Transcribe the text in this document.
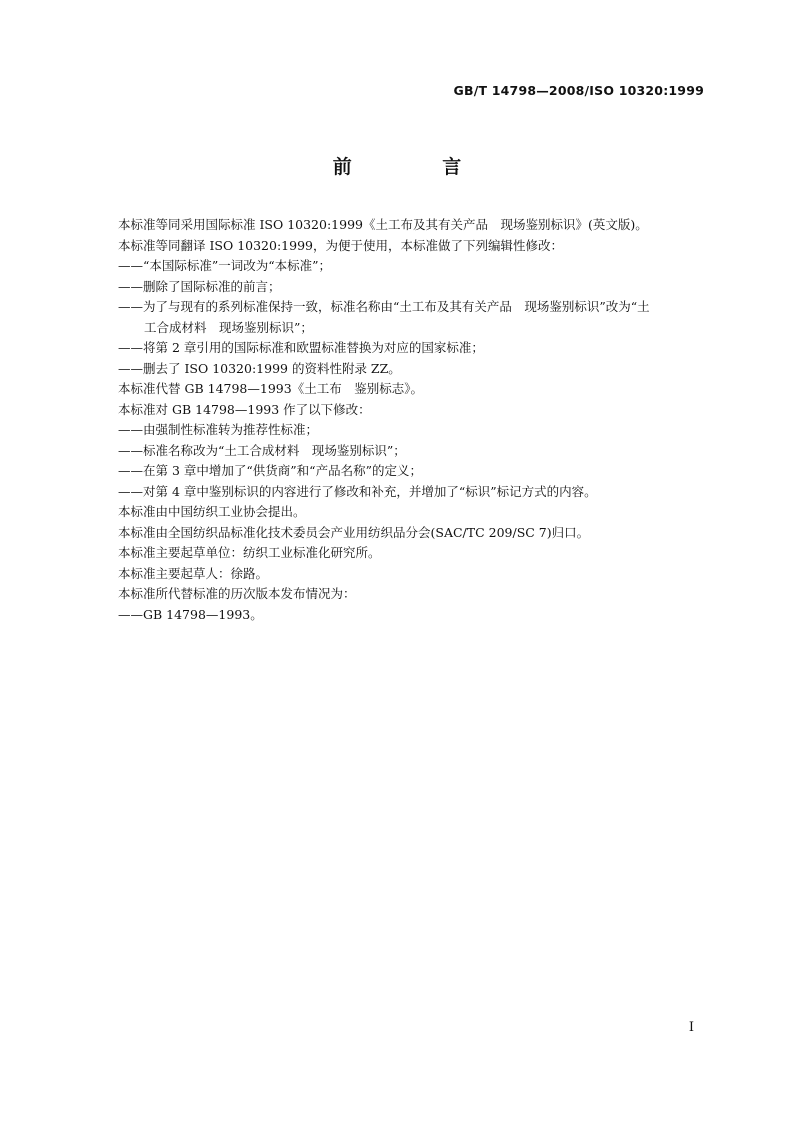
GB/T 14798—2008/ISO 10320:1999
前 言
本标准等同采用国际标准 ISO 10320:1999《土工布及其有关产品　现场鉴别标识》(英文版)。
本标准等同翻译 ISO 10320:1999，为便于使用，本标准做了下列编辑性修改：
——“本国际标准”一词改为“本标准”；
——删除了国际标准的前言；
——为了与现有的系列标准保持一致，标准名称由“土工布及其有关产品　现场鉴别标识”改为“土
工合成材料　现场鉴别标识”；
——将第 2 章引用的国际标准和欧盟标准替换为对应的国家标准；
——删去了 ISO 10320:1999 的资料性附录 ZZ。
本标准代替 GB 14798—1993《土工布　鉴别标志》。
本标准对 GB 14798—1993 作了以下修改：
——由强制性标准转为推荐性标准；
——标准名称改为“土工合成材料　现场鉴别标识”；
——在第 3 章中增加了“供货商”和“产品名称”的定义；
——对第 4 章中鉴别标识的内容进行了修改和补充，并增加了“标识”标记方式的内容。
本标准由中国纺织工业协会提出。
本标准由全国纺织品标准化技术委员会产业用纺织品分会(SAC/TC 209/SC 7)归口。
本标准主要起草单位：纺织工业标准化研究所。
本标准主要起草人：徐路。
本标准所代替标准的历次版本发布情况为：
——GB 14798—1993。
I
